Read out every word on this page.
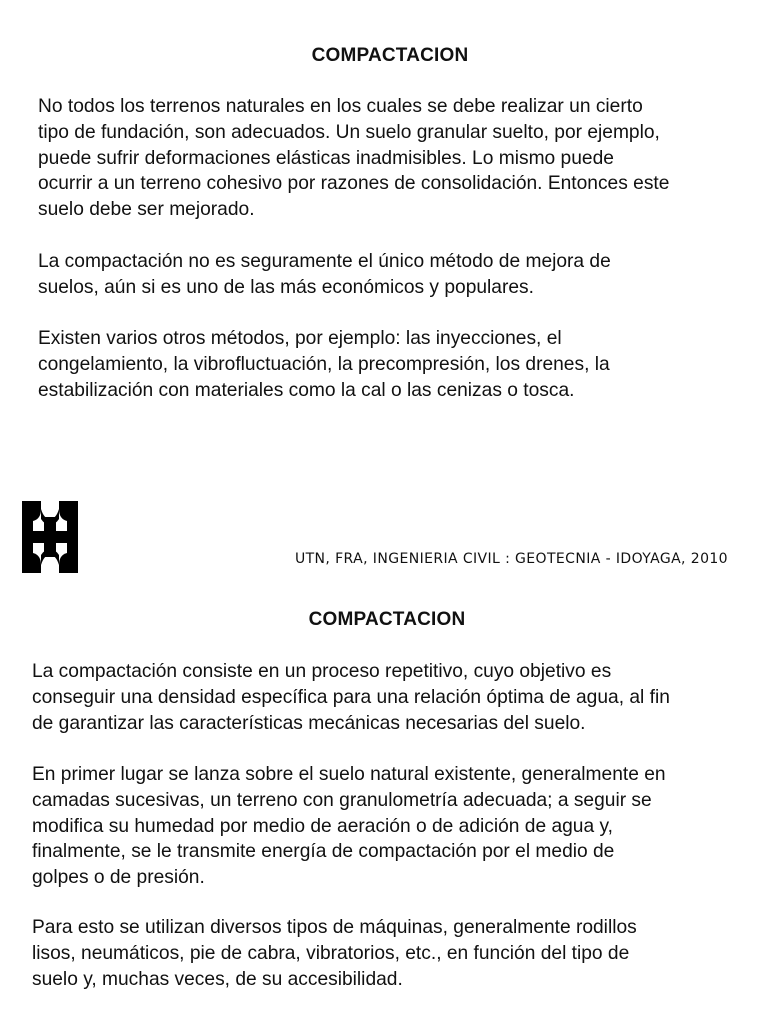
COMPACTACION

No todos los terrenos naturales en los cuales se debe realizar un cierto
tipo de fundación, son adecuados. Un suelo granular suelto, por ejemplo,
puede sufrir deformaciones elásticas inadmisibles. Lo mismo puede
ocurrir a un terreno cohesivo por razones de consolidación. Entonces este
suelo debe ser mejorado.

La compactación no es seguramente el único método de mejora de
suelos, aún si es uno de las más económicos y populares.

Existen varios otros métodos, por ejemplo: las inyecciones, el
congelamiento, la vibrofluctuación, la precompresión, los drenes, la
estabilización con materiales como la cal o las cenizas o tosca.

UTN, FRA, INGENIERIA CIVIL : GEOTECNIA - IDOYAGA, 2010
COMPACTACION

La compactación consiste en un proceso repetitivo, cuyo objetivo es
conseguir una densidad específica para una relación óptima de agua, al fin
de garantizar las características mecánicas necesarias del suelo.

En primer lugar se lanza sobre el suelo natural existente, generalmente en
camadas sucesivas, un terreno con granulometría adecuada; a seguir se
modifica su humedad por medio de aeración o de adición de agua y,
finalmente, se le transmite energía de compactación por el medio de
golpes o de presión.

Para esto se utilizan diversos tipos de máquinas, generalmente rodillos
lisos, neumáticos, pie de cabra, vibratorios, etc., en función del tipo de
suelo y, muchas veces, de su accesibilidad.
